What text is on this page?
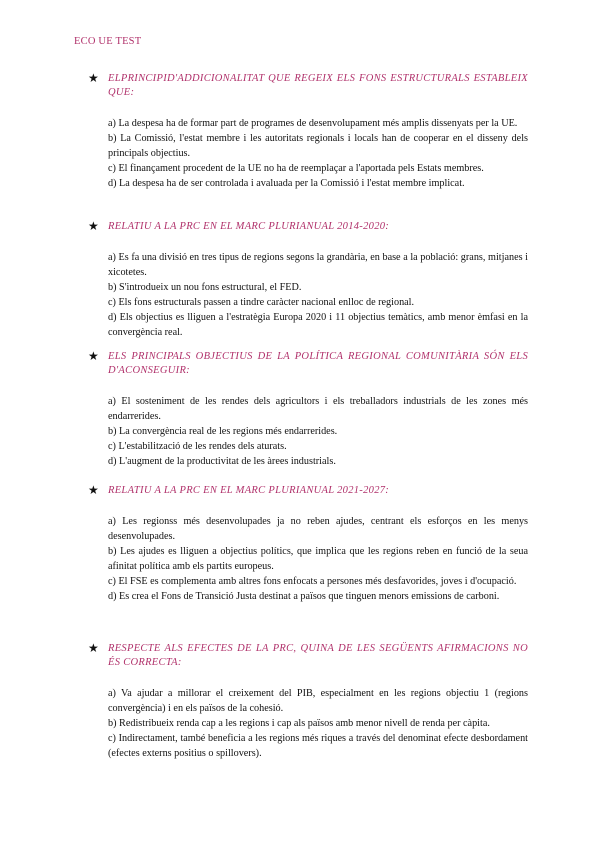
ECO UE TEST
★ ELPRINCIPID'ADDICIONALITAT QUE REGEIX ELS FONS ESTRUCTURALS ESTABLEIX QUE:
a) La despesa ha de formar part de programes de desenvolupament més amplis dissenyats per la UE.
b) La Comissió, l'estat membre i les autoritats regionals i locals han de cooperar en el disseny dels principals objectius.
c) El finançament procedent de la UE no ha de reemplaçar a l'aportada pels Estats membres.
d) La despesa ha de ser controlada i avaluada per la Comissió i l'estat membre implicat.
★ RELATIU A LA PRC EN EL MARC PLURIANUAL 2014-2020:
a) Es fa una divisió en tres tipus de regions segons la grandària, en base a la població: grans, mitjanes i xicotetes.
b) S'introdueix un nou fons estructural, el FED.
c) Els fons estructurals passen a tindre caràcter nacional enlloc de regional.
d) Els objectius es lliguen a l'estratègia Europa 2020 i 11 objectius temàtics, amb menor èmfasi en la convergència real.
★ ELS PRINCIPALS OBJECTIUS DE LA POLÍTICA REGIONAL COMUNITÀRIA SÓN ELS D'ACONSEGUIR:
a) El sosteniment de les rendes dels agricultors i els treballadors industrials de les zones més endarrerides.
b) La convergència real de les regions més endarrerides.
c) L'estabilització de les rendes dels aturats.
d) L'augment de la productivitat de les àrees industrials.
★ RELATIU A LA PRC EN EL MARC PLURIANUAL 2021-2027:
a) Les regionss més desenvolupades ja no reben ajudes, centrant els esforços en les menys desenvolupades.
b) Les ajudes es lliguen a objectius polítics, que implica que les regions reben en funció de la seua afinitat política amb els partits europeus.
c) El FSE es complementa amb altres fons enfocats a persones més desfavorides, joves i d'ocupació.
d) Es crea el Fons de Transició Justa destinat a països que tinguen menors emissions de carboni.
★ RESPECTE ALS EFECTES DE LA PRC, QUINA DE LES SEGÜENTS AFIRMACIONS NO ÉS CORRECTA:
a) Va ajudar a millorar el creixement del PIB, especialment en les regions objectiu 1 (regions convergència) i en els països de la cohesió.
b) Redistribueix renda cap a les regions i cap als països amb menor nivell de renda per càpita.
c) Indirectament, també beneficia a les regions més riques a través del denominat efecte desbordament (efectes externs positius o spillovers).
